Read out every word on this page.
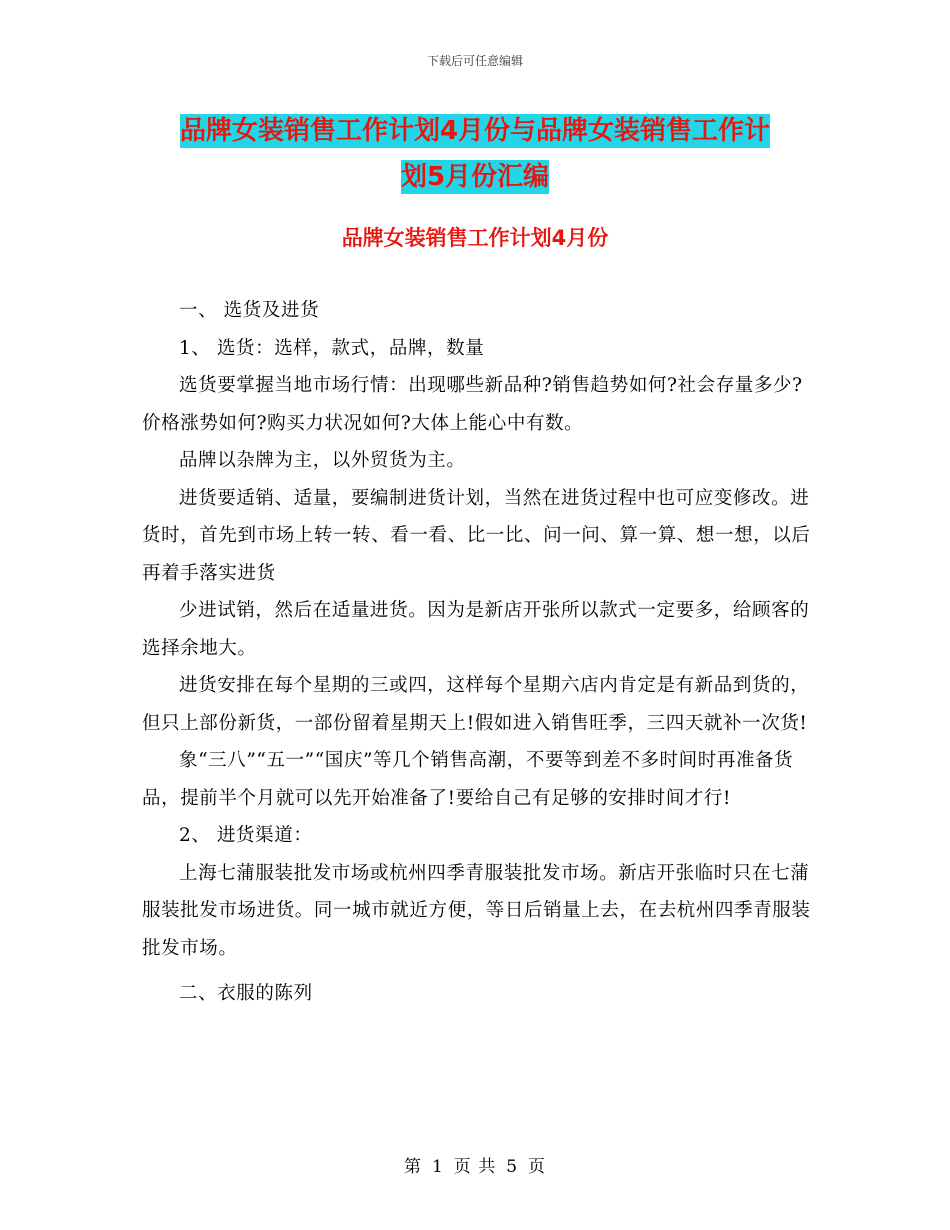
下载后可任意编辑
品牌女装销售工作计划4月份与品牌女装销售工作计
划5月份汇编
品牌女装销售工作计划4月份

一、 选货及进货

1、 选货：选样，款式，品牌，数量

选货要掌握当地市场行情：出现哪些新品种?销售趋势如何?社会存量多少?价格涨势如何?购买力状况如何?大体上能心中有数。

品牌以杂牌为主，以外贸货为主。

进货要适销、适量，要编制进货计划，当然在进货过程中也可应变修改。进货时，首先到市场上转一转、看一看、比一比、问一问、算一算、想一想，以后再着手落实进货

少进试销，然后在适量进货。因为是新店开张所以款式一定要多，给顾客的选择余地大。

进货安排在每个星期的三或四，这样每个星期六店内肯定是有新品到货的，但只上部份新货，一部份留着星期天上!假如进入销售旺季，三四天就补一次货!

象“三八”“五一”“国庆”等几个销售高潮，不要等到差不多时间时再准备货品，提前半个月就可以先开始准备了!要给自己有足够的安排时间才行!

2、 进货渠道：

上海七蒲服装批发市场或杭州四季青服装批发市场。新店开张临时只在七蒲服装批发市场进货。同一城市就近方便，等日后销量上去，在去杭州四季青服装批发市场。

二、衣服的陈列

第 1 页 共 5 页
